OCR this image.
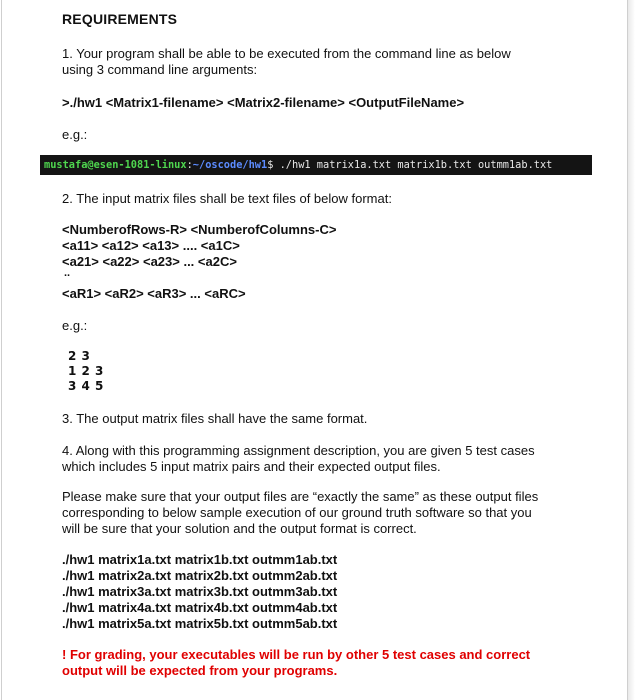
REQUIREMENTS
1. Your program shall be able to be executed from the command line as below
using 3 command line arguments:
>./hw1 <Matrix1-filename> <Matrix2-filename> <OutputFileName>
e.g.:
mustafa@esen-1081-linux:~/oscode/hw1$ ./hw1 matrix1a.txt matrix1b.txt outmm1ab.txt
2. The input matrix files shall be text files of below format:
<NumberofRows-R> <NumberofColumns-C>
<a11> <a12> <a13> .... <a1C>
<a21> <a22> <a23> ... <a2C>
..
<aR1> <aR2> <aR3> ... <aRC>
e.g.:
2 3
1 2 3
3 4 5
3. The output matrix files shall have the same format.
4. Along with this programming assignment description, you are given 5 test cases
which includes 5 input matrix pairs and their expected output files.
Please make sure that your output files are “exactly the same” as these output files
corresponding to below sample execution of our ground truth software so that you
will be sure that your solution and the output format is correct.
./hw1 matrix1a.txt matrix1b.txt outmm1ab.txt
./hw1 matrix2a.txt matrix2b.txt outmm2ab.txt
./hw1 matrix3a.txt matrix3b.txt outmm3ab.txt
./hw1 matrix4a.txt matrix4b.txt outmm4ab.txt
./hw1 matrix5a.txt matrix5b.txt outmm5ab.txt
! For grading, your executables will be run by other 5 test cases and correct
output will be expected from your programs.
